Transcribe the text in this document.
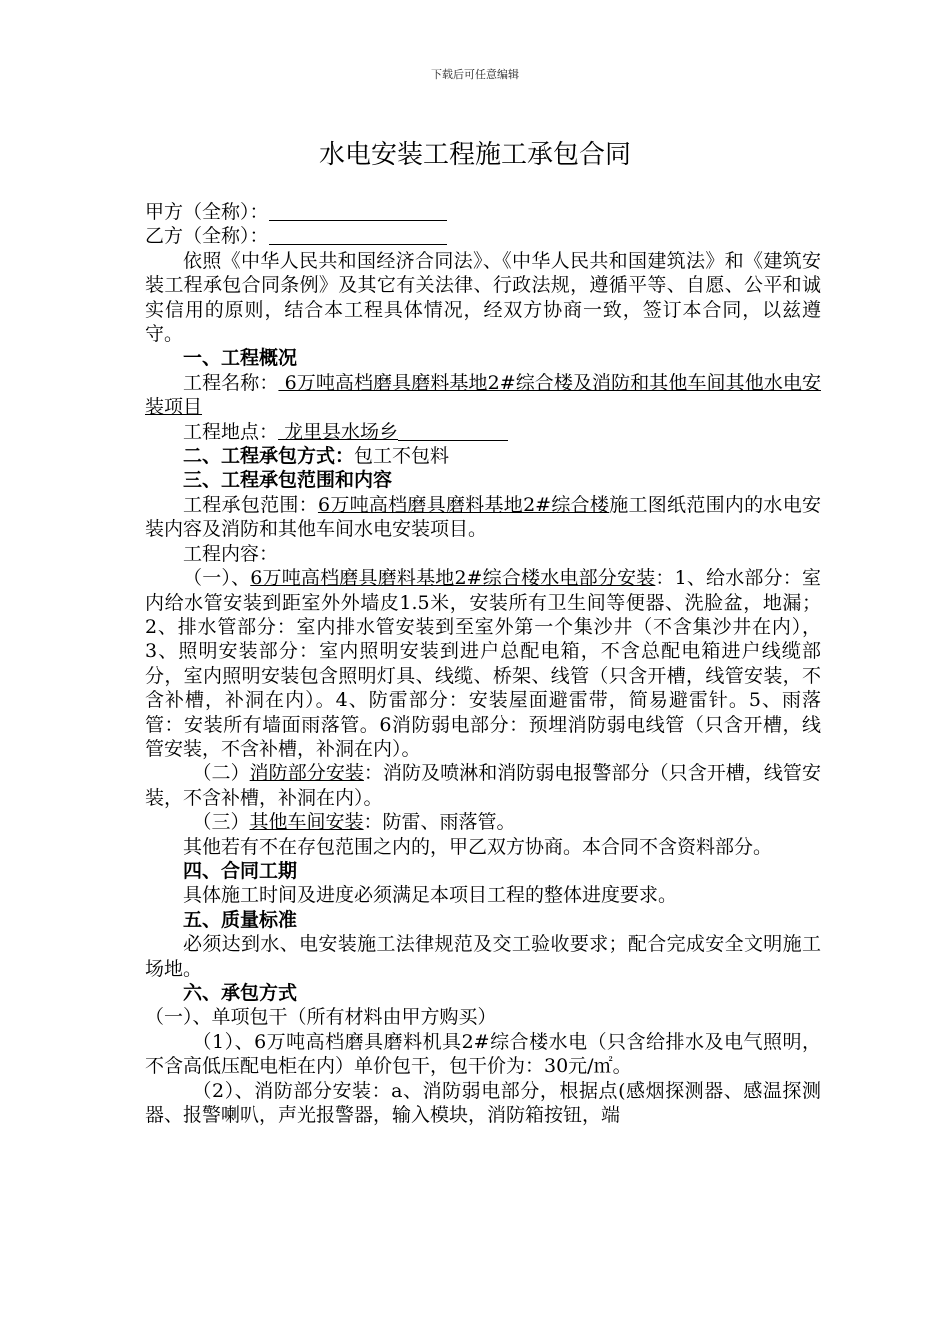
下载后可任意编辑
水电安装工程施工承包合同

甲方（全称）：

乙方（全称）：

依照《中华人民共和国经济合同法》、《中华人民共和国建筑法》和《建筑安装工程承包合同条例》及其它有关法律、行政法规，遵循平等、自愿、公平和诚实信用的原则，结合本工程具体情况，经双方协商一致，签订本合同，以兹遵守。

一、工程概况

工程名称： 6万吨高档磨具磨料基地2#综合楼及消防和其他车间其他水电安装项目

工程地点： 龙里县水场乡

二、工程承包方式：包工不包料

三、工程承包范围和内容

工程承包范围：6万吨高档磨具磨料基地2#综合楼施工图纸范围内的水电安装内容及消防和其他车间水电安装项目。

工程内容：

（一）、6万吨高档磨具磨料基地2#综合楼水电部分安装：1、给水部分：室内给水管安装到距室外外墙皮1.5米，安装所有卫生间等便器、洗脸盆，地漏；2、排水管部分：室内排水管安装到至室外第一个集沙井（不含集沙井在内），3、照明安装部分：室内照明安装到进户总配电箱，不含总配电箱进户线缆部分，室内照明安装包含照明灯具、线缆、桥架、线管（只含开槽，线管安装，不含补槽，补洞在内）。4、防雷部分：安装屋面避雷带，简易避雷针。5、雨落管：安装所有墙面雨落管。6消防弱电部分：预埋消防弱电线管（只含开槽，线管安装，不含补槽，补洞在内）。

（二）消防部分安装：消防及喷淋和消防弱电报警部分（只含开槽，线管安装，不含补槽，补洞在内）。

（三）其他车间安装：防雷、雨落管。

其他若有不在存包范围之内的，甲乙双方协商。本合同不含资料部分。

四、合同工期

具体施工时间及进度必须满足本项目工程的整体进度要求。

五、质量标准

必须达到水、电安装施工法律规范及交工验收要求；配合完成安全文明施工场地。

六、承包方式

（一）、单项包干（所有材料由甲方购买）

（1）、6万吨高档磨具磨料机具2#综合楼水电（只含给排水及电气照明，不含高低压配电柜在内）单价包干，包干价为：30元/㎡。

（2）、消防部分安装：a、消防弱电部分，根据点(感烟探测器、感温探测器、报警喇叭，声光报警器，输入模块，消防箱按钮，端
